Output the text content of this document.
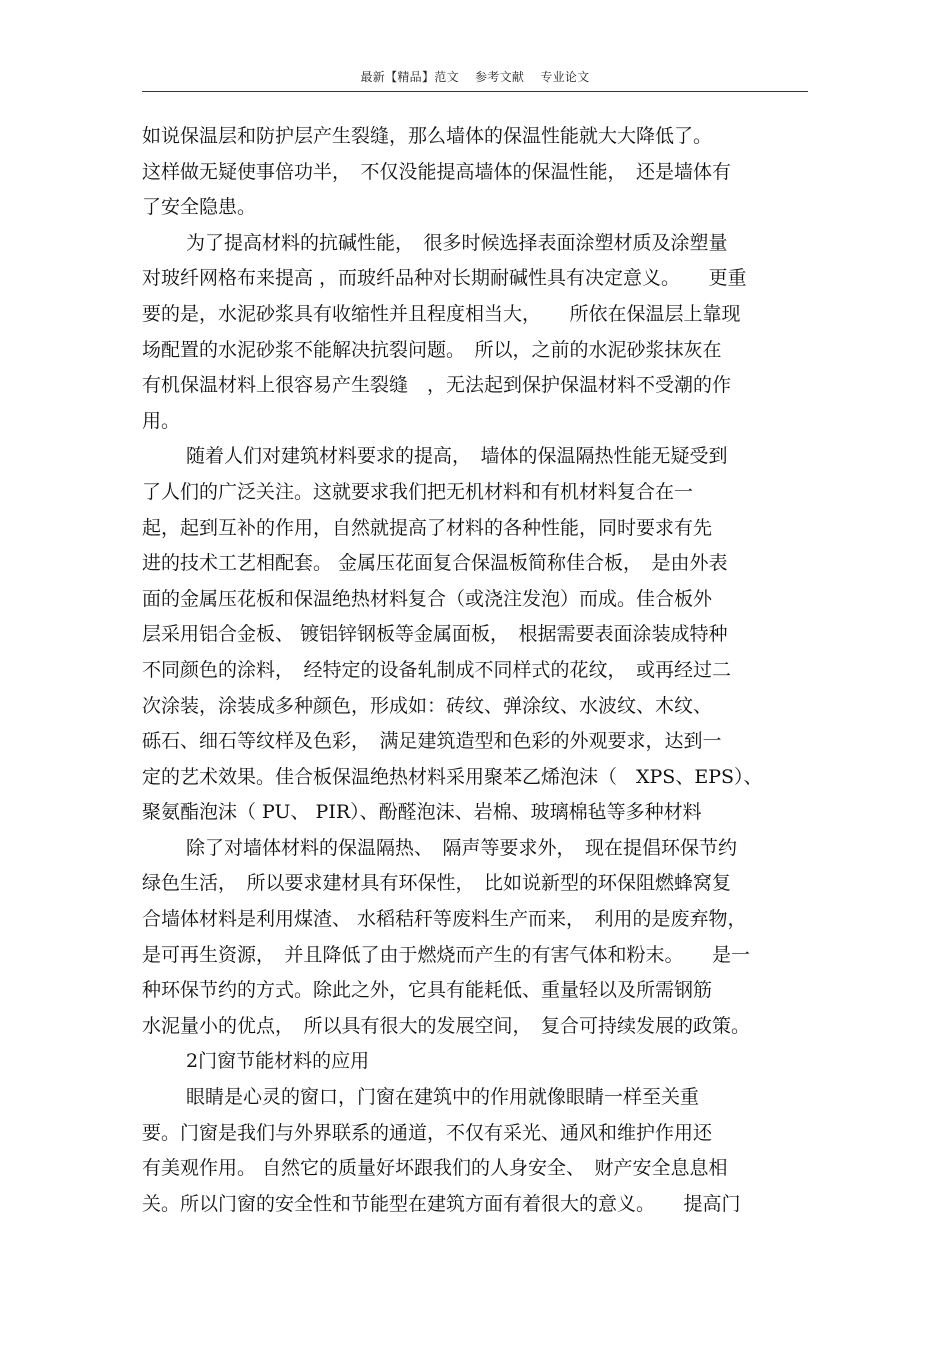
最新【精品】范文 参考文献 专业论文
如说保温层和防护层产生裂缝，那么墙体的保温性能就大大降低了。
这样做无疑使事倍功半，　不仅没能提高墙体的保温性能，　还是墙体有
了安全隐患。
为了提高材料的抗碱性能，　很多时候选择表面涂塑材质及涂塑量
对玻纤网格布来提高 ，而玻纤品种对长期耐碱性具有决定意义。　　更重
要的是，水泥砂浆具有收缩性并且程度相当大，　　所依在保温层上靠现
场配置的水泥砂浆不能解决抗裂问题。　所以，之前的水泥砂浆抹灰在
有机保温材料上很容易产生裂缝　，无法起到保护保温材料不受潮的作
用。
随着人们对建筑材料要求的提高，　墙体的保温隔热性能无疑受到
了人们的广泛关注。这就要求我们把无机材料和有机材料复合在一
起，起到互补的作用，自然就提高了材料的各种性能，同时要求有先
进的技术工艺相配套。 金属压花面复合保温板简称佳合板，　是由外表
面的金属压花板和保温绝热材料复合（或浇注发泡）而成。佳合板外
层采用铝合金板、 镀铝锌钢板等金属面板，　根据需要表面涂装成特种
不同颜色的涂料，　经特定的设备轧制成不同样式的花纹，　或再经过二
次涂装，涂装成多种颜色，形成如：砖纹、弹涂纹、水波纹、木纹、
砾石、细石等纹样及色彩，　满足建筑造型和色彩的外观要求，达到一
定的艺术效果。佳合板保温绝热材料采用聚苯乙烯泡沫（　XPS、EPS）、
聚氨酯泡沫（ PU、 PIR）、酚醛泡沫、岩棉、玻璃棉毡等多种材料
除了对墙体材料的保温隔热、　隔声等要求外，　现在提倡环保节约
绿色生活，　所以要求建材具有环保性，　比如说新型的环保阻燃蜂窝复
合墙体材料是利用煤渣、 水稻秸秆等废料生产而来，　利用的是废弃物，
是可再生资源，　并且降低了由于燃烧而产生的有害气体和粉末。　　是一
种环保节约的方式。除此之外，它具有能耗低、重量轻以及所需钢筋
水泥量小的优点，　所以具有很大的发展空间，　复合可持续发展的政策。
2门窗节能材料的应用
眼睛是心灵的窗口，门窗在建筑中的作用就像眼睛一样至关重
要。门窗是我们与外界联系的通道，不仅有采光、通风和维护作用还
有美观作用。 自然它的质量好坏跟我们的人身安全、　财产安全息息相
关。所以门窗的安全性和节能型在建筑方面有着很大的意义。　　提高门
